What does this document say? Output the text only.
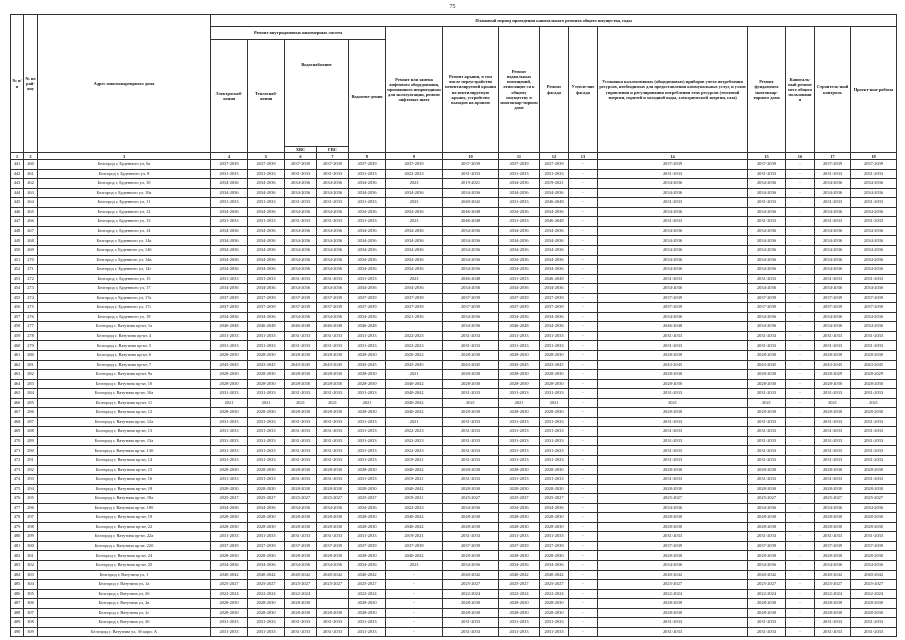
75
№ п/п	№ по рай-ону	Адрес многоквартирного дома	Плановый период проведения капитального ремонта общего имущества, годы														
			Ремонт внутридомовых инженерных систем					Ремонт или замена лифтового оборудования, признанного непригодным для эксплуатации, ремонт лифтовых шахт	Ремонт крыши, в том числе переустройство невентилируемой крыши на вентилируемую крышу, устройство выходов на кровлю	Ремонт подвальных помещений, относящих-ся к общему имуществу в многоквар-тирном доме	Ремонт фасада	Утепле-ние фасада	Установка коллективных (общедомовых) приборов учета потребления ресурсов, необходимых для предоставления коммунальных услуг, и узлов управления и регулирования потребления этих ресурсов (тепловой энергии, горячей и холодной воды, электрической энергии, газа)	Ремонт фундамента многоквар-тирного дома	Капиталь-ный ремонт мест общего пользовани я	Строитель-ный контроль	Проект-ные работы
			Электроснаб-жения	Теплоснаб-жения	Водоснабжение		Водоотве-дения										
					ХВС	ГВС											
1	2	3	4	5	6	7	8	9	10	11	12	13	14	15	16	17	18
441	260	Белгород г, Буденного ул, 6а	2037-2039	2037-2039	2037-2039	2037-2039	2037-2039	2037-2039	2037-2039	2037-2039	2037-2039	-	2037-2039	2037-2039	-	2037-2039	2037-2039
442	261	Белгород г, Буденного ул, 8	2031-2033	2031-2033	2031-2033	2031-2033	2031-2033	2022-2023	2031-2033	2031-2033	2031-2033	-	2031-2033	2031-2033	-	2031-2033	2031-2033
443	262	Белгород г, Буденного ул, 10	2034-2036	2034-2036	2034-2036	2034-2036	2034-2036	2023	2019-2021	2034-2036	2019-2021	-	2034-2036	2034-2036	-	2034-2036	2034-2036
444	263	Белгород г, Буденного ул, 10а	2034-2036	2034-2036	2034-2036	2034-2036	2034-2036	2034-2036	2034-2036	2034-2036	2034-2036	-	2034-2036	2034-2036	-	2034-2036	2034-2036
445	264	Белгород г, Буденного ул, 11	2031-2033	2031-2033	2031-2033	2031-2033	2031-2033	2023	2040-2042	2031-2033	2046-2048	-	2031-2033	2031-2033	-	2031-2033	2031-2033
446	265	Белгород г, Буденного ул, 12	2034-2036	2034-2036	2034-2036	2034-2036	2034-2036	2034-2036	2046-2048	2034-2036	2034-2036	-	2034-2036	2034-2036	-	2034-2036	2034-2036
447	266	Белгород г, Буденного ул, 13	2031-2033	2031-2033	2031-2033	2031-2033	2031-2033	2023	2046-2048	2031-2033	2046-2048	-	2031-2033	2031-2033	-	2031-2033	2031-2033
448	267	Белгород г, Буденного ул, 14	2034-2036	2034-2036	2034-2036	2034-2036	2034-2036	2034-2036	2034-2036	2034-2036	2034-2036	-	2034-2036	2034-2036	-	2034-2036	2034-2036
449	268	Белгород г, Буденного ул, 14а	2034-2036	2034-2036	2034-2036	2034-2036	2034-2036	2034-2036	2034-2036	2034-2036	2034-2036	-	2034-2036	2034-2036	-	2034-2036	2034-2036
450	269	Белгород г, Буденного ул, 14б	2034-2036	2034-2036	2034-2036	2034-2036	2034-2036	2034-2036	2034-2036	2034-2036	2034-2036	-	2034-2036	2034-2036	-	2034-2036	2034-2036
451	270	Белгород г, Буденного ул, 14в	2034-2036	2034-2036	2034-2036	2034-2036	2034-2036	2034-2036	2034-2036	2034-2036	2034-2036	-	2034-2036	2034-2036	-	2034-2036	2034-2036
452	271	Белгород г, Буденного ул, 14г	2034-2036	2034-2036	2034-2036	2034-2036	2034-2036	2034-2036	2034-2036	2034-2036	2034-2036	-	2034-2036	2034-2036	-	2034-2036	2034-2036
453	272	Белгород г, Буденного ул, 15	2031-2033	2031-2033	2031-2033	2031-2033	2031-2033	2023	2046-2048	2031-2033	2046-2048	-	2031-2033	2031-2033	-	2031-2033	2031-2033
454	273	Белгород г, Буденного ул, 17	2034-2036	2034-2036	2034-2036	2034-2036	2034-2036	2034-2036	2034-2036	2034-2036	2034-2036	-	2034-2036	2034-2036	-	2034-2036	2034-2036
455	274	Белгород г, Буденного ул, 17а	2037-2039	2037-2039	2037-2039	2037-2039	2037-2039	2037-2039	2037-2039	2037-2039	2037-2039	-	2037-2039	2037-2039	-	2037-2039	2037-2039
456	275	Белгород г, Буденного ул, 17г	2037-2039	2037-2039	2037-2039	2037-2039	2037-2039	2037-2039	2037-2039	2037-2039	2037-2039	-	2037-2039	2037-2039	-	2037-2039	2037-2039
457	276	Белгород г, Буденного ул, 19	2034-2036	2034-2036	2034-2036	2034-2036	2034-2036	2021-2036	2034-2036	2034-2036	2034-2036	-	2034-2036	2034-2036	-	2034-2036	2034-2036
458	277	Белгород г, Ватутина пр-кт, 1а	2046-2048	2046-2048	2046-2048	2046-2048	2046-2048		2034-2036	2046-2048	2034-2036	-	2046-2048	2034-2036	-	2034-2036	2034-2036
459	278	Белгород г, Ватутина пр-кт, 4	2031-2033	2031-2033	2031-2033	2031-2033	2031-2033	2022-2023	2031-2033	2031-2033	2031-2033	-	2031-2033	2031-2033	-	2031-2033	2031-2033
460	279	Белгород г, Ватутина пр-кт, 5	2031-2033	2031-2033	2031-2033	2031-2033	2031-2033	2022-2023	2031-2033	2031-2033	2031-2033	-	2031-2033	2031-2033	-	2031-2033	2031-2033
461	280	Белгород г, Ватутина пр-кт, 6	2028-2030	2028-2030	2028-2030	2028-2030	2028-2030	2020-2022	2028-2030	2028-2030	2028-2030	-	2028-2030	2028-2030	-	2028-2030	2028-2030
462	281	Белгород г, Ватутина пр-кт, 7	2043-2045	2043-2045	2043-2045	2043-2045	2043-2045	2043-2045	2043-2045	2043-2045	2043-2045	-	2043-2045	2043-2045	-	2043-2045	2043-2045
463	282	Белгород г, Ватутина пр-кт, 9а	2028-2030	2028-2030	2028-2030	2028-2030	2028-2030	2021	2028-2030	2028-2030	2028-2030	-	2028-2030	2028-2030	-	2028-2029	2028-2029
464	283	Белгород г, Ватутина пр-кт, 10	2028-2030	2028-2030	2028-2030	2028-2030	2028-2030	2040-2042	2028-2030	2028-2030	2028-2030	-	2028-2030	2028-2030	-	2028-2030	2028-2030
465	284	Белгород г, Ватутина пр-кт, 10а	2031-2033	2031-2033	2031-2033	2031-2033	2031-2033	2040-2042	2031-2033	2031-2033	2031-2033	-	2031-2033	2031-2033	-	2031-2033	2031-2033
466	285	Белгород г, Ватутина пр-кт, 11	2021	2021	2021	2021	2021	2040-2042	2021	2021	2021	-	2021	2021	-	2021	2021
467	286	Белгород г, Ватутина пр-кт, 12	2028-2030	2028-2030	2028-2030	2028-2030	2028-2030	2040-2042	2028-2030	2028-2030	2028-2030	-	2028-2030	2028-2030	-	2028-2030	2028-2030
468	287	Белгород г, Ватутина пр-кт, 12а	2031-2033	2031-2033	2031-2033	2031-2033	2031-2033	2021	2031-2033	2031-2033	2031-2033	-	2031-2033	2031-2033	-	2031-2033	2031-2033
469	288	Белгород г, Ватутина пр-кт, 13	2031-2033	2031-2033	2031-2033	2031-2033	2031-2033	2022-2023	2031-2033	2031-2033	2031-2033	-	2031-2033	2031-2033	-	2031-2033	2031-2033
470	289	Белгород г, Ватутина пр-кт, 13а	2031-2033	2031-2033	2031-2033	2031-2033	2031-2033	2022-2023	2031-2033	2031-2033	2031-2033	-	2031-2033	2031-2033	-	2031-2033	2031-2033
471	290	Белгород г, Ватутина пр-кт, 13б	2031-2033	2031-2033	2031-2033	2031-2033	2031-2033	2022-2023	2031-2033	2031-2033	2031-2033	-	2031-2033	2031-2033	-	2031-2033	2031-2033
472	291	Белгород г, Ватутина пр-кт, 14	2031-2033	2031-2033	2031-2033	2031-2033	2031-2033	2019-2021	2031-2033	2031-2033	2031-2033	-	2031-2033	2031-2033	-	2031-2033	2031-2033
473	292	Белгород г, Ватутина пр-кт, 15	2028-2030	2028-2030	2028-2030	2028-2030	2028-2030	2040-2042	2028-2030	2028-2030	2028-2030	-	2028-2030	2028-2030	-	2028-2030	2028-2030
474	293	Белгород г, Ватутина пр-кт, 16	2031-2033	2031-2033	2031-2033	2031-2033	2031-2033	2019-2021	2031-2033	2031-2033	2031-2033	-	2031-2033	2031-2033	-	2031-2033	2031-2033
475	294	Белгород г, Ватутина пр-кт, 18	2028-2030	2028-2030	2028-2030	2028-2030	2028-2030	2040-2042	2028-2030	2028-2030	2028-2030	-	2028-2030	2028-2030	-	2028-2030	2028-2030
476	295	Белгород г, Ватутина пр-кт, 18а	2025-2027	2025-2027	2025-2027	2025-2027	2025-2027	2019-2021	2025-2027	2025-2027	2025-2027	-	2025-2027	2025-2027	-	2025-2027	2025-2027
477	296	Белгород г, Ватутина пр-кт, 18б	2034-2036	2034-2036	2034-2036	2034-2036	2034-2036	2022-2023	2034-2036	2034-2036	2034-2036	-	2034-2036	2034-2036	-	2034-2036	2034-2036
478	297	Белгород г, Ватутина пр-кт, 19	2028-2030	2028-2030	2028-2030	2028-2030	2028-2030	2040-2042	2028-2030	2028-2030	2028-2030	-	2028-2030	2028-2030	-	2028-2030	2028-2030
479	298	Белгород г, Ватутина пр-кт, 22	2028-2030	2028-2030	2028-2030	2028-2030	2028-2030	2040-2042	2028-2030	2028-2030	2028-2030	-	2028-2030	2028-2030	-	2028-2030	2028-2030
480	299	Белгород г, Ватутина пр-кт, 22а	2031-2033	2031-2033	2031-2033	2031-2033	2031-2033	2019-2021	2031-2033	2031-2033	2031-2033	-	2031-2033	2031-2033	-	2031-2033	2031-2033
481	300	Белгород г, Ватутина пр-кт, 22б	2037-2039	2037-2039	2037-2039	2037-2039	2037-2039	2037-2039	2037-2039	2037-2039	2037-2039	-	2037-2039	2037-2039	-	2037-2039	2037-2039
482	301	Белгород г, Ватутина пр-кт, 24	2028-2030	2028-2030	2028-2030	2028-2030	2028-2030	2040-2042	2028-2030	2028-2030	2028-2030	-	2028-2030	2028-2030	-	2028-2030	2028-2030
483	302	Белгород г, Ватутина пр-кт, 25	2034-2036	2034-2036	2034-2036	2034-2036	2034-2036	2023	2034-2036	2034-2036	2034-2036	-	2034-2036	2034-2036	-	2034-2036	2034-2036
484	303	Белгород г, Ватутина ул, 1	2040-2042	2040-2042	2040-2042	2040-2042	2040-2042	-	2040-2042	2040-2042	2040-2042	-	2040-2042	2040-2042	-	2040-2042	2040-2042
485	304	Белгород г, Ватутина ул, 1а	2025-2027	2025-2027	2025-2027	2025-2027	2025-2027	-	2025-2027	2025-2027	2025-2027	-	2025-2027	2025-2027	-	2025-2027	2025-2027
486	305	Белгород г, Ватутина ул, 2б	2022-2024	2022-2024	2022-2024		2022-2024	-	2022-2024	2022-2024	2022-2024	-	2022-2024	2022-2024	-	2022-2024	2022-2024
487	306	Белгород г, Ватутина ул, 2в	2028-2030	2028-2030	2028-2030		2028-2030	-	2028-2030	2028-2030	2028-2030	-	2028-2030	2028-2030	-	2028-2030	2028-2030
488	307	Белгород г, Ватутина ул, 2г	2028-2030	2028-2030	2028-2030	2028-2030	2028-2030	-	2028-2030	2028-2030	2028-2030	-	2028-2030	2028-2030	-	2028-2030	2028-2030
489	308	Белгород г, Ватутина ул, 3б	2031-2033	2031-2033	2031-2033	2031-2033	2031-2033	-	2031-2033	2031-2033	2031-2033	-	2031-2033	2031-2033	-	2031-2033	2031-2033
490	309	Белгород г, Ватутина ул, 3б корп. А	2031-2033	2031-2033	2031-2033	2031-2033	2031-2033	-	2031-2033	2031-2033	2031-2033	-	2031-2033	2031-2033	-	2031-2033	2031-2033
